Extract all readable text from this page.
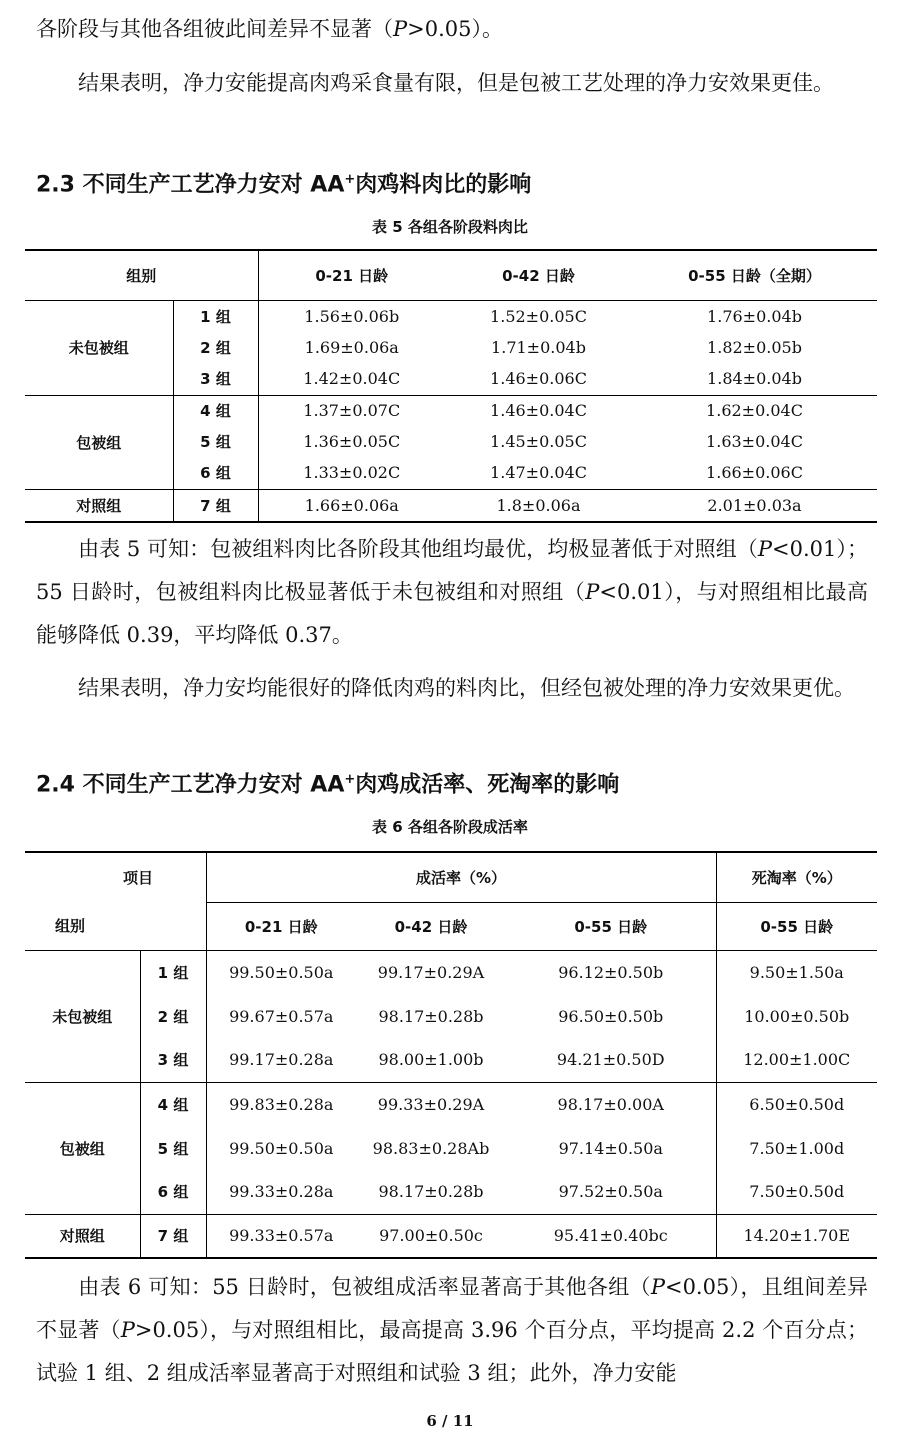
各阶段与其他各组彼此间差异不显著（P>0.05）。

结果表明，净力安能提高肉鸡采食量有限，但是包被工艺处理的净力安效果更佳。

2.3 不同生产工艺净力安对 AA+肉鸡料肉比的影响
表 5 各组各阶段料肉比
组别		0-21 日龄	0-42 日龄	0-55 日龄（全期）
未包被组	1 组	1.56±0.06b	1.52±0.05C	1.76±0.04b
	2 组	1.69±0.06a	1.71±0.04b	1.82±0.05b
	3 组	1.42±0.04C	1.46±0.06C	1.84±0.04b
包被组	4 组	1.37±0.07C	1.46±0.04C	1.62±0.04C
	5 组	1.36±0.05C	1.45±0.05C	1.63±0.04C
	6 组	1.33±0.02C	1.47±0.04C	1.66±0.06C
对照组	7 组	1.66±0.06a	1.8±0.06a	2.01±0.03a

由表 5 可知：包被组料肉比各阶段其他组均最优，均极显著低于对照组（P<0.01）；55 日龄时，包被组料肉比极显著低于未包被组和对照组（P<0.01），与对照组相比最高能够降低 0.39，平均降低 0.37。

结果表明，净力安均能很好的降低肉鸡的料肉比，但经包被处理的净力安效果更优。

2.4 不同生产工艺净力安对 AA+肉鸡成活率、死淘率的影响
表 6 各组各阶段成活率
项目		成活率（%）			死淘率（%）
组别		0-21 日龄	0-42 日龄	0-55 日龄	0-55 日龄
未包被组	1 组	99.50±0.50a	99.17±0.29A	96.12±0.50b	9.50±1.50a
	2 组	99.67±0.57a	98.17±0.28b	96.50±0.50b	10.00±0.50b
	3 组	99.17±0.28a	98.00±1.00b	94.21±0.50D	12.00±1.00C
包被组	4 组	99.83±0.28a	99.33±0.29A	98.17±0.00A	6.50±0.50d
	5 组	99.50±0.50a	98.83±0.28Ab	97.14±0.50a	7.50±1.00d
	6 组	99.33±0.28a	98.17±0.28b	97.52±0.50a	7.50±0.50d
对照组	7 组	99.33±0.57a	97.00±0.50c	95.41±0.40bc	14.20±1.70E

由表 6 可知：55 日龄时，包被组成活率显著高于其他各组（P<0.05），且组间差异不显著（P>0.05），与对照组相比，最高提高 3.96 个百分点，平均提高 2.2 个百分点；试验 1 组、2 组成活率显著高于对照组和试验 3 组；此外，净力安能

6 / 11
